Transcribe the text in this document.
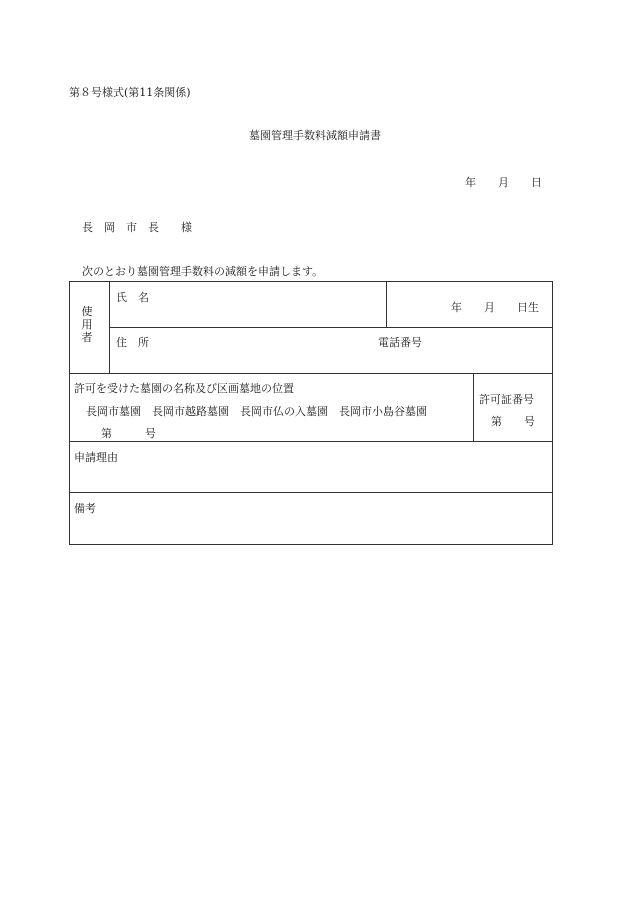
第８号様式(第11条関係)
墓園管理手数料減額申請書
年　　月　　日
長　岡　市　長　　様
次のとおり墓園管理手数料の減額を申請します。
使用者
氏　名
年　　月　　日生
住　所	電話番号
許可を受けた墓園の名称及び区画墓地の位置
長岡市墓園　長岡市越路墓園　長岡市仏の入墓園　長岡市小島谷墓園
第　　　号
許可証番号
第　　号
申請理由
備考
